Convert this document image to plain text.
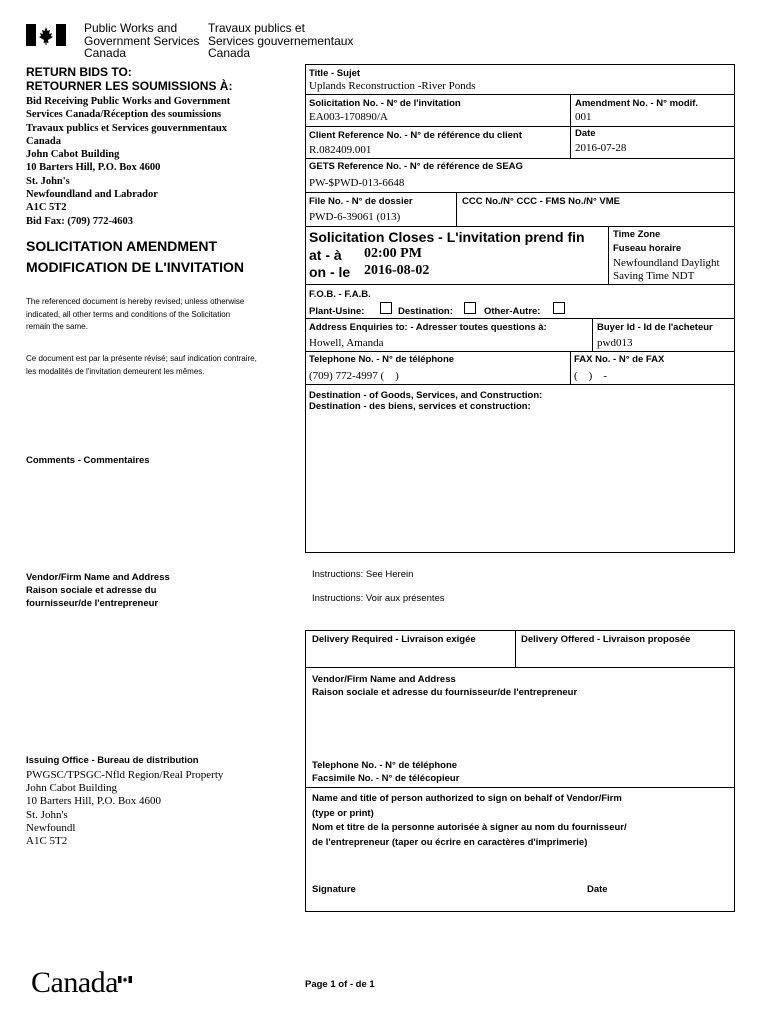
Public Works and
Government Services
Canada
Travaux publics et
Services gouvernementaux
Canada
RETURN BIDS TO:
RETOURNER LES SOUMISSIONS À:
Bid Receiving Public Works and Government
Services Canada/Réception des soumissions
Travaux publics et Services gouvernmentaux
Canada
John Cabot Building
10 Barters Hill, P.O. Box 4600
St. John's
Newfoundland and Labrador
A1C 5T2
Bid Fax: (709) 772-4603
SOLICITATION AMENDMENT
MODIFICATION DE L'INVITATION
The referenced document is hereby revised; unless otherwise
indicated, all other terms and conditions of the Solicitation
remain the same.
Ce document est par la présente révisé; sauf indication contraire,
les modalités de l'invitation demeurent les mêmes.
Comments - Commentaires
Vendor/Firm Name and Address
Raison sociale et adresse du
fournisseur/de l'entrepreneur
Issuing Office - Bureau de distribution
PWGSC/TPSGC-Nfld Region/Real Property
John Cabot Building
10 Barters Hill, P.O. Box 4600
St. John's
Newfoundl
A1C 5T2
Title - Sujet
Uplands Reconstruction -River Ponds
Solicitation No. - N° de l'invitation
EA003-170890/A
Amendment No. - N° modif.
001
Client Reference No. - N° de référence du client
R.082409.001
Date
2016-07-28
GETS Reference No. - N° de référence de SEAG
PW-$PWD-013-6648
File No. - N° de dossier
PWD-6-39061 (013)
CCC No./N° CCC - FMS No./N° VME
Solicitation Closes - L'invitation prend fin
at - à 02:00 PM
on - le 2016-08-02
Time Zone
Fuseau horaire
Newfoundland Daylight
Saving Time NDT
F.O.B. - F.A.B.
Plant-Usine:	Destination:	Other-Autre:
Address Enquiries to: - Adresser toutes questions à:
Howell, Amanda
Buyer Id - Id de l'acheteur
pwd013
Telephone No. - N° de téléphone
(709) 772-4997 (    )
FAX No. - N° de FAX
(    )    -
Destination - of Goods, Services, and Construction:
Destination - des biens, services et construction:
Instructions: See Herein
Instructions: Voir aux présentes
Delivery Required - Livraison exigée	Delivery Offered - Livraison proposée
Vendor/Firm Name and Address
Raison sociale et adresse du fournisseur/de l'entrepreneur
Telephone No. - N° de téléphone
Facsimile No. - N° de télécopieur
Name and title of person authorized to sign on behalf of Vendor/Firm
(type or print)
Nom et titre de la personne autorisée à signer au nom du fournisseur/
de l'entrepreneur (taper ou écrire en caractères d'imprimerie)
Signature	Date
Canada	Page 1 of - de 1
